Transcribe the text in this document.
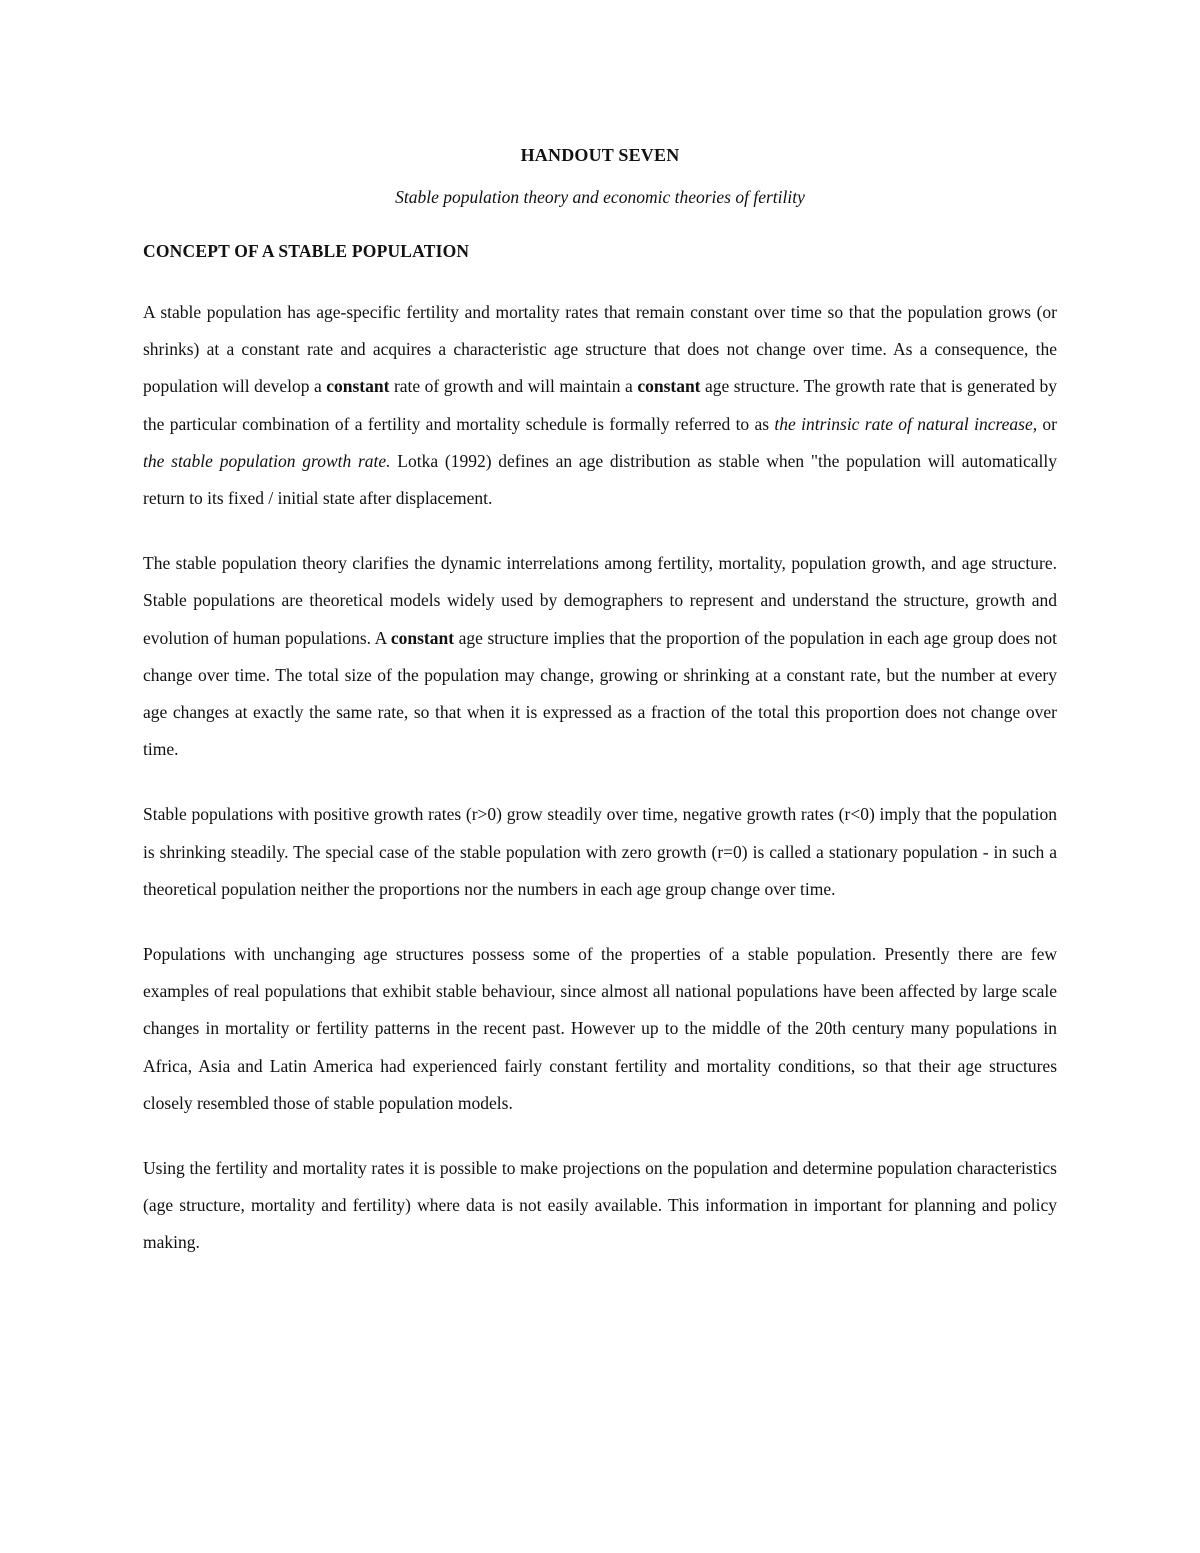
HANDOUT SEVEN
Stable population theory and economic theories of fertility
CONCEPT OF A STABLE POPULATION

A stable population has age-specific fertility and mortality rates that remain constant over time so that the population grows (or shrinks) at a constant rate and acquires a characteristic age structure that does not change over time. As a consequence, the population will develop a constant rate of growth and will maintain a constant age structure. The growth rate that is generated by the particular combination of a fertility and mortality schedule is formally referred to as the intrinsic rate of natural increase, or the stable population growth rate. Lotka (1992) defines an age distribution as stable when "the population will automatically return to its fixed / initial state after displacement.

The stable population theory clarifies the dynamic interrelations among fertility, mortality, population growth, and age structure. Stable populations are theoretical models widely used by demographers to represent and understand the structure, growth and evolution of human populations. A constant age structure implies that the proportion of the population in each age group does not change over time. The total size of the population may change, growing or shrinking at a constant rate, but the number at every age changes at exactly the same rate, so that when it is expressed as a fraction of the total this proportion does not change over time.

Stable populations with positive growth rates (r>0) grow steadily over time, negative growth rates (r<0) imply that the population is shrinking steadily. The special case of the stable population with zero growth (r=0) is called a stationary population - in such a theoretical population neither the proportions nor the numbers in each age group change over time.

Populations with unchanging age structures possess some of the properties of a stable population. Presently there are few examples of real populations that exhibit stable behaviour, since almost all national populations have been affected by large scale changes in mortality or fertility patterns in the recent past. However up to the middle of the 20th century many populations in Africa, Asia and Latin America had experienced fairly constant fertility and mortality conditions, so that their age structures closely resembled those of stable population models.

Using the fertility and mortality rates it is possible to make projections on the population and determine population characteristics (age structure, mortality and fertility) where data is not easily available. This information in important for planning and policy making.
